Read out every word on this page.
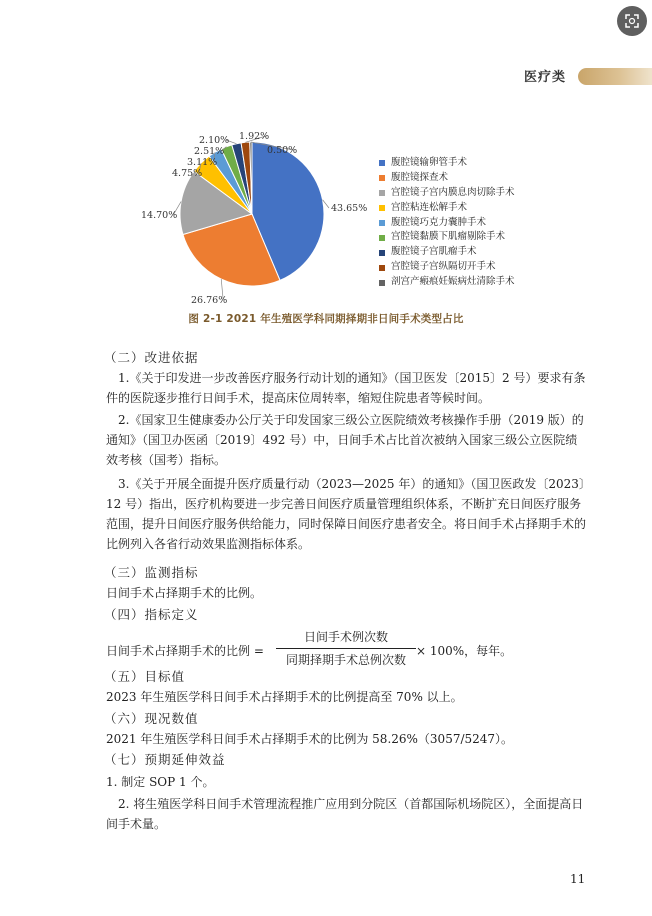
医疗类
43.65%
26.76%
14.70%
4.75%
3.11%
2.51%
2.10% 1.92%
0.50%
腹腔镜输卵管手术
腹腔镜探查术
宫腔镜子宫内膜息肉切除手术
宫腔粘连松解手术
腹腔镜巧克力囊肿手术
宫腔镜黏膜下肌瘤剔除手术
腹腔镜子宫肌瘤手术
宫腔镜子宫纵隔切开手术
剖宫产瘢痕妊娠病灶清除手术
图 2-1 2021 年生殖医学科同期择期非日间手术类型占比
（二）改进依据
1.《关于印发进一步改善医疗服务行动计划的通知》（国卫医发〔2015〕2 号）要求有条件的医院逐步推行日间手术，提高床位周转率，缩短住院患者等候时间。
2.《国家卫生健康委办公厅关于印发国家三级公立医院绩效考核操作手册（2019 版）的通知》（国卫办医函〔2019〕492 号）中，日间手术占比首次被纳入国家三级公立医院绩效考核（国考）指标。
3.《关于开展全面提升医疗质量行动（2023—2025 年）的通知》（国卫医政发〔2023〕12 号）指出，医疗机构要进一步完善日间医疗质量管理组织体系，不断扩充日间医疗服务范围，提升日间医疗服务供给能力，同时保障日间医疗患者安全。将日间手术占择期手术的比例列入各省行动效果监测指标体系。
（三）监测指标
日间手术占择期手术的比例。
（四）指标定义
日间手术占择期手术的比例 =
日间手术例次数
同期择期手术总例次数
× 100%，每年。
（五）目标值
2023 年生殖医学科日间手术占择期手术的比例提高至 70% 以上。
（六）现况数值
2021 年生殖医学科日间手术占择期手术的比例为 58.26%（3057/5247）。
（七）预期延伸效益
1. 制定 SOP 1 个。
2. 将生殖医学科日间手术管理流程推广应用到分院区（首都国际机场院区），全面提高日间手术量。
11
